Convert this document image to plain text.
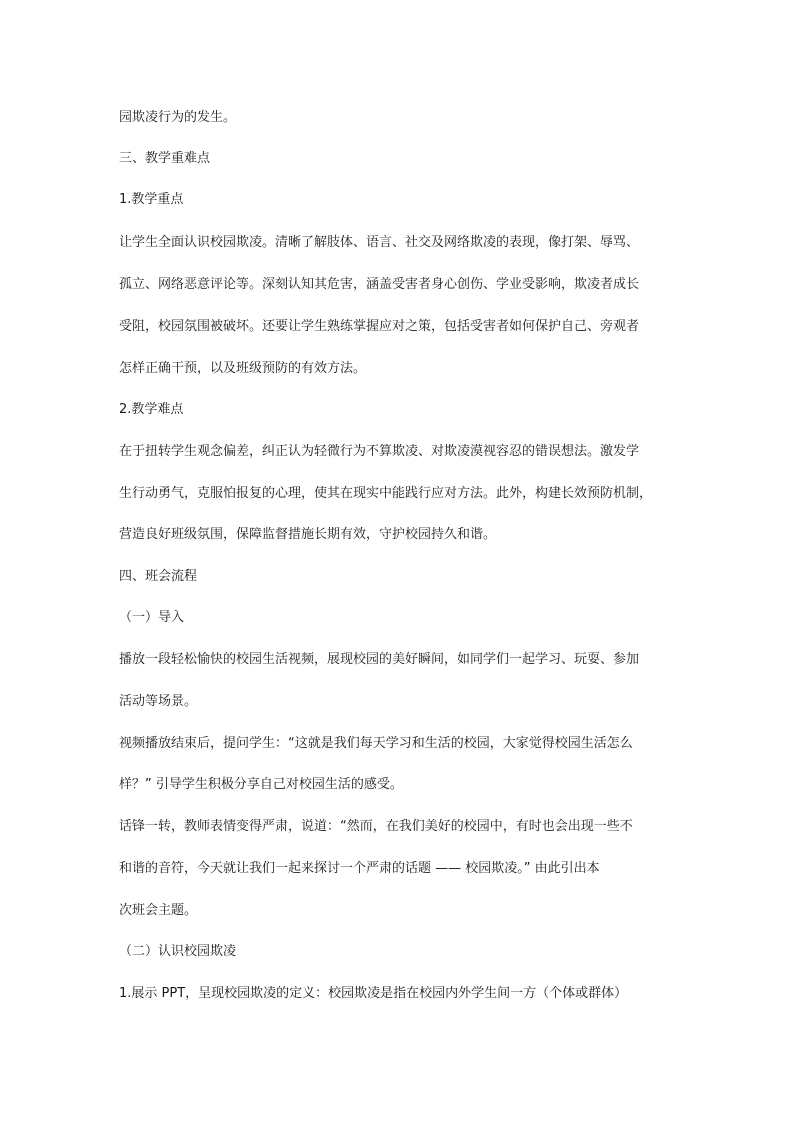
园欺凌行为的发生。
三、教学重难点
1.教学重点
让学生全面认识校园欺凌。清晰了解肢体、语言、社交及网络欺凌的表现，像打架、辱骂、
孤立、网络恶意评论等。深刻认知其危害，涵盖受害者身心创伤、学业受影响，欺凌者成长
受阻，校园氛围被破坏。还要让学生熟练掌握应对之策，包括受害者如何保护自己、旁观者
怎样正确干预，以及班级预防的有效方法。
2.教学难点
在于扭转学生观念偏差，纠正认为轻微行为不算欺凌、对欺凌漠视容忍的错误想法。激发学
生行动勇气，克服怕报复的心理，使其在现实中能践行应对方法。此外，构建长效预防机制，
营造良好班级氛围，保障监督措施长期有效，守护校园持久和谐。
四、班会流程
（一）导入
播放一段轻松愉快的校园生活视频，展现校园的美好瞬间，如同学们一起学习、玩耍、参加
活动等场景。
视频播放结束后，提问学生：“这就是我们每天学习和生活的校园，大家觉得校园生活怎么
样？” 引导学生积极分享自己对校园生活的感受。
话锋一转，教师表情变得严肃，说道：“然而，在我们美好的校园中，有时也会出现一些不
和谐的音符，今天就让我们一起来探讨一个严肃的话题 —— 校园欺凌。” 由此引出本
次班会主题。
（二）认识校园欺凌
1.展示 PPT，呈现校园欺凌的定义：校园欺凌是指在校园内外学生间一方（个体或群体）
